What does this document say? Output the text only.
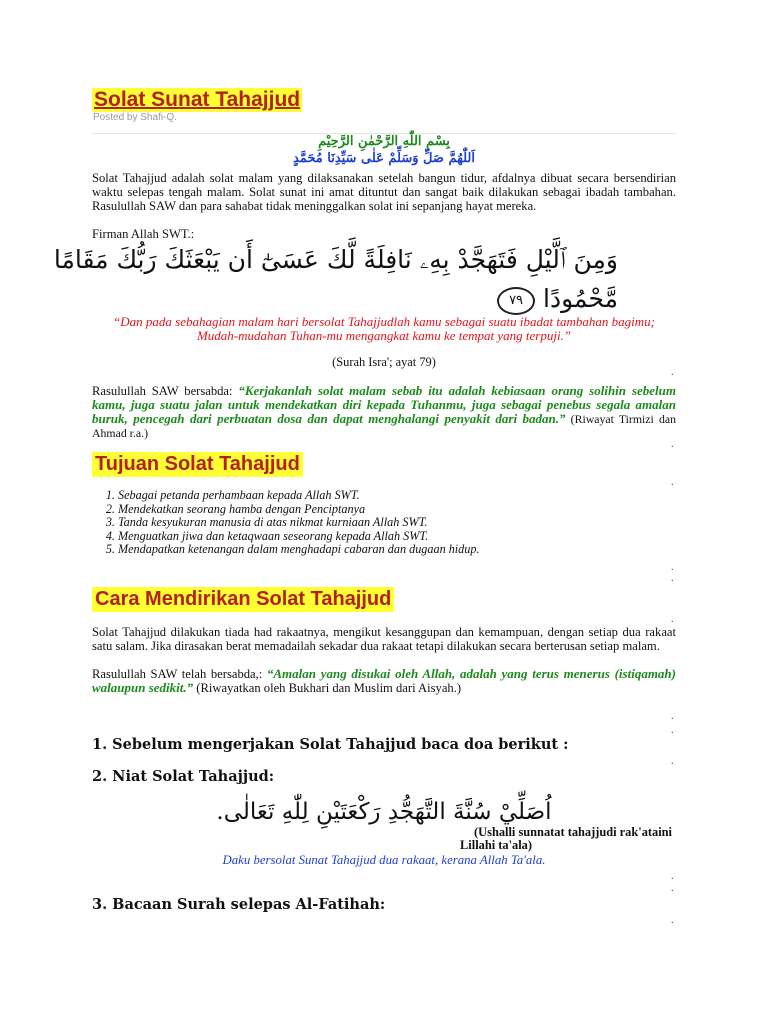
Solat Sunat Tahajjud
Posted by Shafi-Q.
بِسْمِ اللّٰهِ الرَّحْمٰنِ الرَّحِيْمِ
اَللّٰهُمَّ صَلِّ وَسَلِّمْ عَلٰى سَيِّدِنَا مُحَمَّدٍ
Solat Tahajjud adalah solat malam yang dilaksanakan setelah bangun tidur, afdalnya dibuat secara bersendirian waktu selepas tengah malam. Solat sunat ini amat dituntut dan sangat baik dilakukan sebagai ibadah tambahan. Rasulullah SAW dan para sahabat tidak meninggalkan solat ini sepanjang hayat mereka.
Firman Allah SWT.:
وَمِنَ ٱلَّيْلِ فَتَهَجَّدْ بِهِۦ نَافِلَةً لَّكَ عَسَىٰٓ أَن يَبْعَثَكَ رَبُّكَ مَقَامًا
مَّحْمُودًا ٧٩
“Dan pada sebahagian malam hari bersolat Tahajjudlah kamu sebagai suatu ibadat tambahan bagimu; Mudah-mudahan Tuhan-mu mengangkat kamu ke tempat yang terpuji.”
(Surah Isra'; ayat 79)
.
Rasulullah SAW bersabda: “Kerjakanlah solat malam sebab itu adalah kebiasaan orang solihin sebelum kamu, juga suatu jalan untuk mendekatkan diri kepada Tuhanmu, juga sebagai penebus segala amalan buruk, pencegah dari perbuatan dosa dan dapat menghalangi penyakit dari badan.” (Riwayat Tirmizi dan Ahmad r.a.)
.
Tujuan Solat Tahajjud
.
1. Sebagai petanda perhambaan kepada Allah SWT.
2. Mendekatkan seorang hamba dengan Penciptanya
3. Tanda kesyukuran manusia di atas nikmat kurniaan Allah SWT.
4. Menguatkan jiwa dan ketaqwaan seseorang kepada Allah SWT.
5. Mendapatkan ketenangan dalam menghadapi cabaran dan dugaan hidup.
.
.
Cara Mendirikan Solat Tahajjud
.
Solat Tahajjud dilakukan tiada had rakaatnya, mengikut kesanggupan dan kemampuan, dengan setiap dua rakaat satu salam. Jika dirasakan berat memadailah sekadar dua rakaat tetapi dilakukan secara berterusan setiap malam.
Rasulullah SAW telah bersabda,: “Amalan yang disukai oleh Allah, adalah yang terus menerus (istiqamah) walaupun sedikit.” (Riwayatkan oleh Bukhari dan Muslim dari Aisyah.)
.
.
1. Sebelum mengerjakan Solat Tahajjud baca doa berikut :
.
2. Niat Solat Tahajjud:
اُصَلِّيْ سُنَّةَ التَّهَجُّدِ رَكْعَتَيْنِ لِلّٰهِ تَعَالٰى.
(Ushalli sunnatat tahajjudi rak'ataini
Lillahi ta'ala)
Daku bersolat Sunat Tahajjud dua rakaat, kerana Allah Ta'ala.
.
.
3. Bacaan Surah selepas Al-Fatihah:
.
